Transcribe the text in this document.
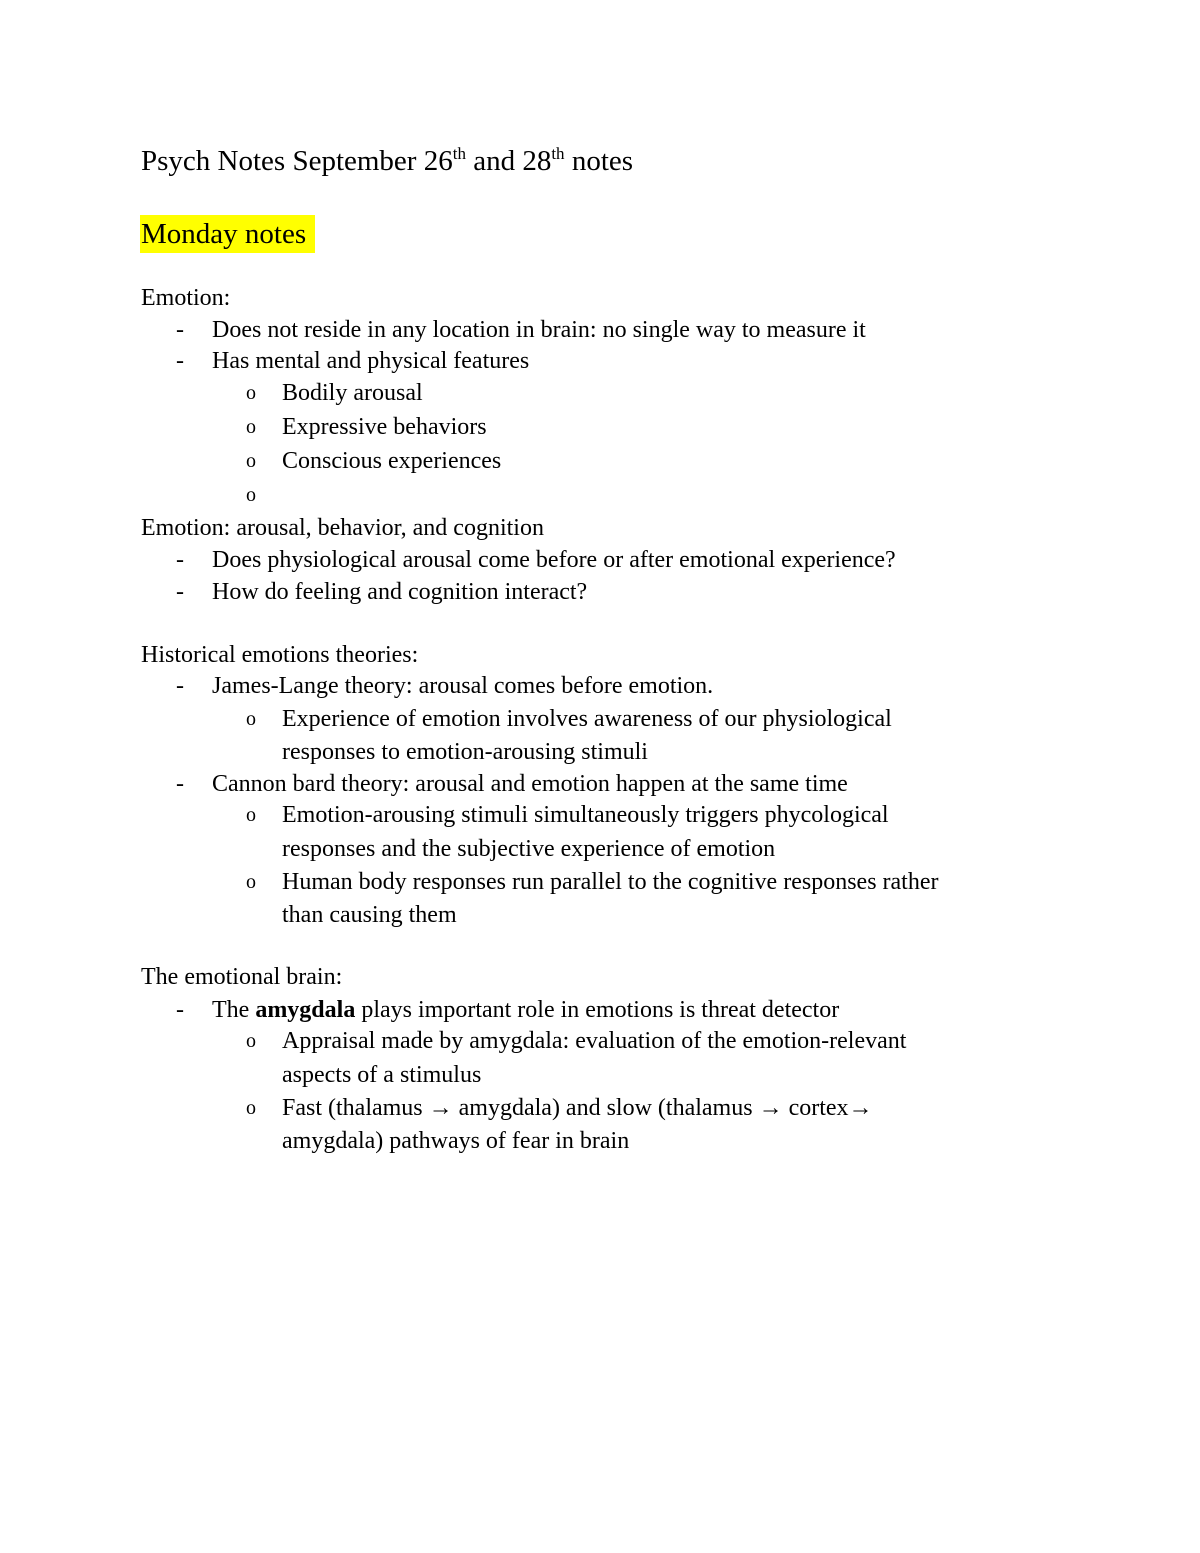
Psych Notes September 26th and 28th notes
Monday notes
Emotion:
- Does not reside in any location in brain: no single way to measure it
- Has mental and physical features
o Bodily arousal
o Expressive behaviors
o Conscious experiences
o
Emotion: arousal, behavior, and cognition
- Does physiological arousal come before or after emotional experience?
- How do feeling and cognition interact?
Historical emotions theories:
- James-Lange theory: arousal comes before emotion.
o Experience of emotion involves awareness of our physiological
responses to emotion-arousing stimuli
- Cannon bard theory: arousal and emotion happen at the same time
o Emotion-arousing stimuli simultaneously triggers phycological
responses and the subjective experience of emotion
o Human body responses run parallel to the cognitive responses rather
than causing them
The emotional brain:
- The amygdala plays important role in emotions is threat detector
o Appraisal made by amygdala: evaluation of the emotion-relevant
aspects of a stimulus
o Fast (thalamus → amygdala) and slow (thalamus → cortex→
amygdala) pathways of fear in brain
